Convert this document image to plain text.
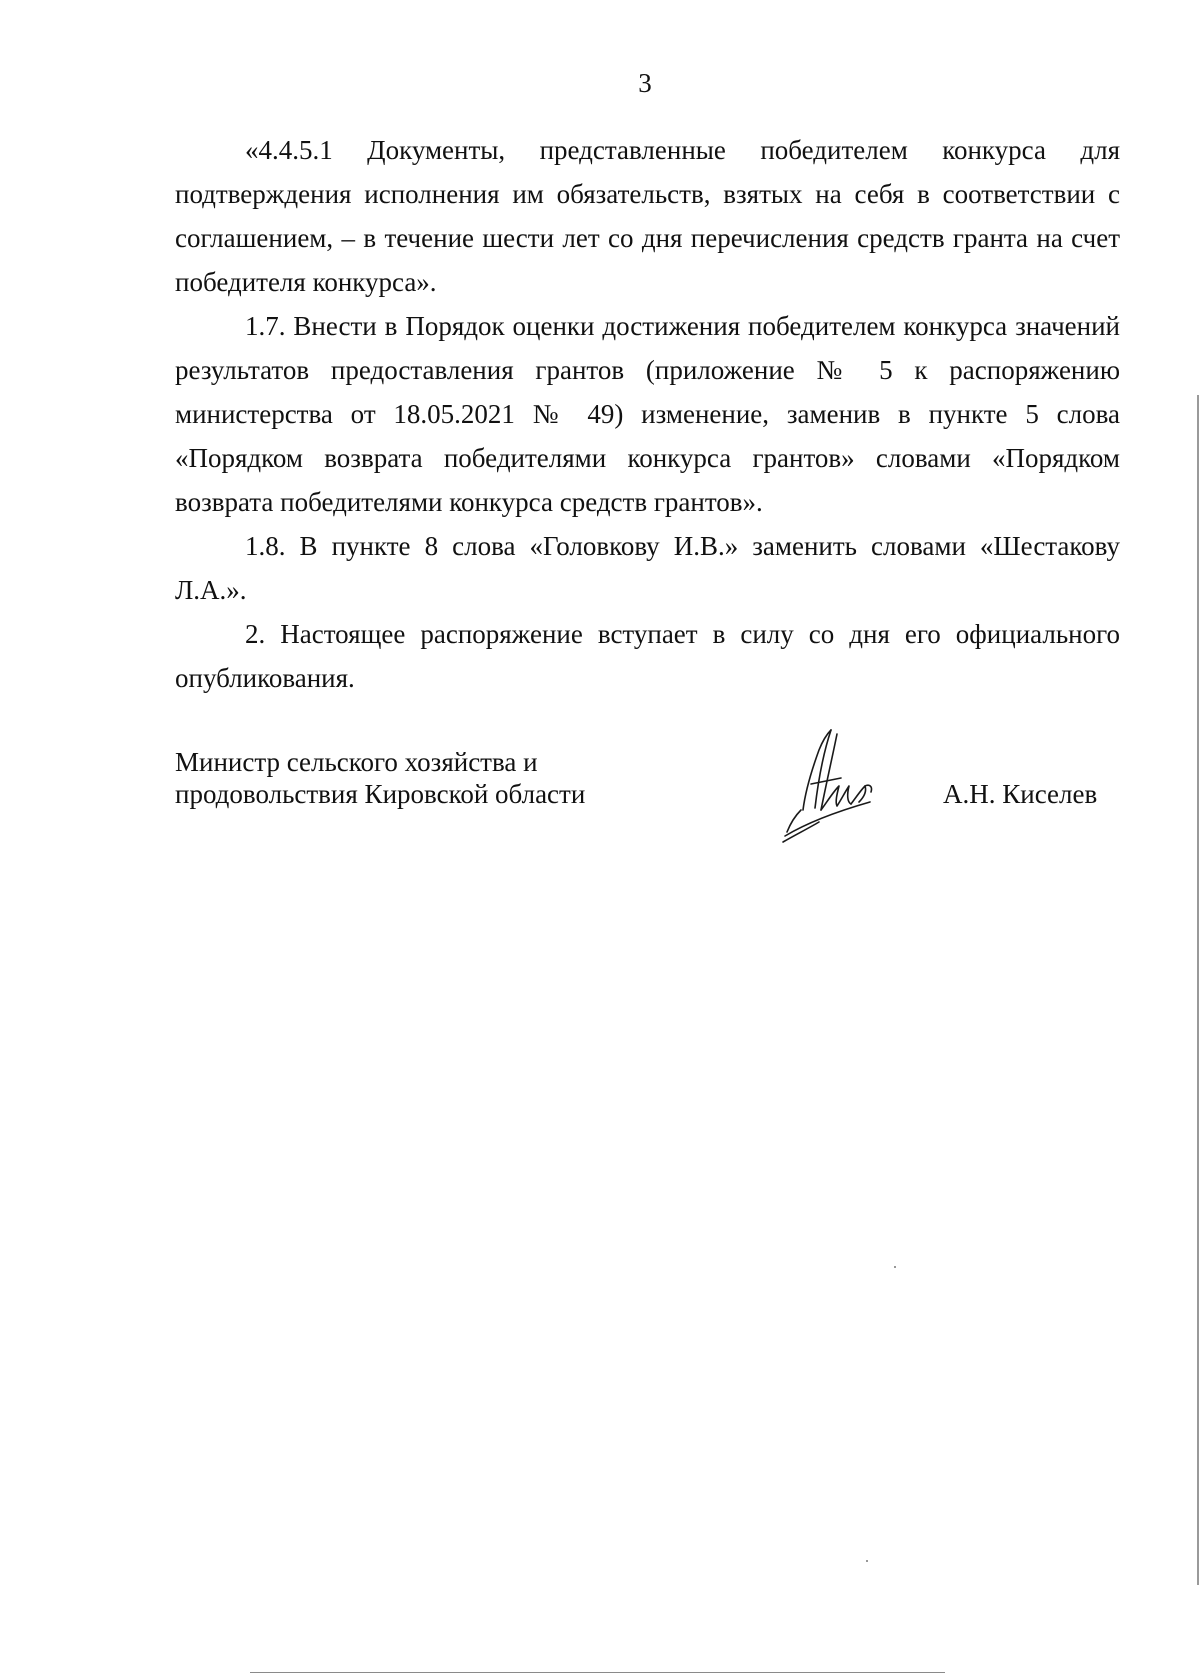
3

«4.4.5.1 Документы, представленные победителем конкурса для подтверждения исполнения им обязательств, взятых на себя в соответствии с соглашением, – в течение шести лет со дня перечисления средств гранта на счет победителя конкурса».

1.7. Внести в Порядок оценки достижения победителем конкурса значений результатов предоставления грантов (приложение № 5 к распоряжению министерства от 18.05.2021 № 49) изменение, заменив в пункте 5 слова «Порядком возврата победителями конкурса грантов» словами «Порядком возврата победителями конкурса средств грантов».

1.8. В пункте 8 слова «Головкову И.В.» заменить словами «Шестакову Л.А.».

2. Настоящее распоряжение вступает в силу со дня его официального опубликования.

Министр сельского хозяйства и
продовольствия Кировской области	А.Н. Киселев
